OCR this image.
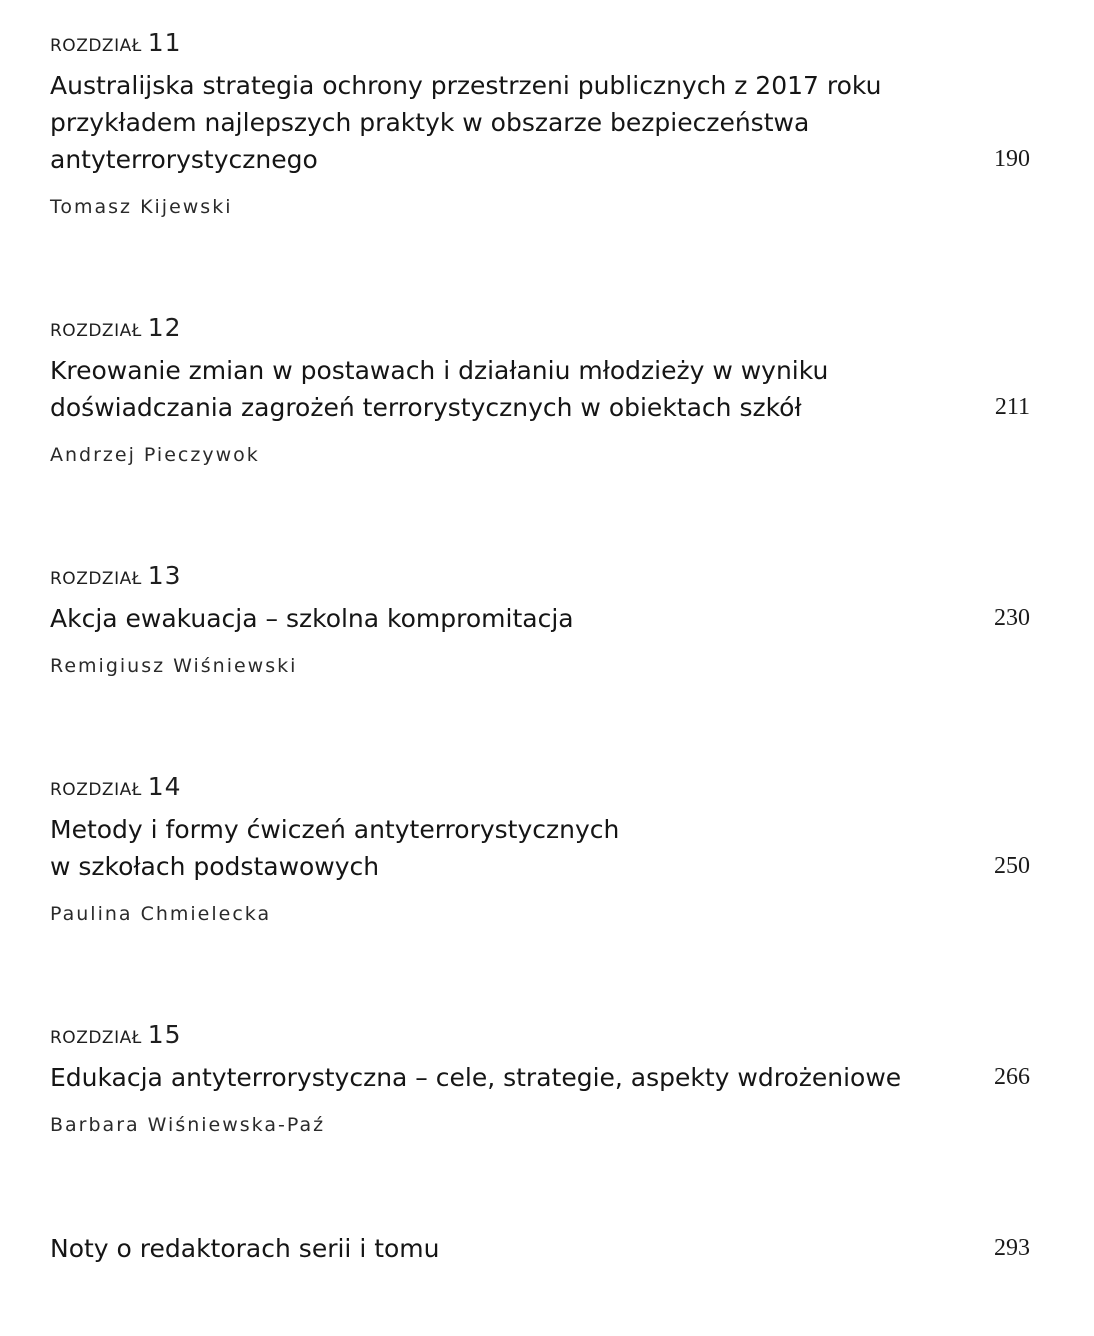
ROZDZIAŁ 11
Australijska strategia ochrony przestrzeni publicznych z 2017 roku
przykładem najlepszych praktyk w obszarze bezpieczeństwa
antyterrorystycznego	190
Tomasz Kijewski
ROZDZIAŁ 12
Kreowanie zmian w postawach i działaniu młodzieży w wyniku
doświadczania zagrożeń terrorystycznych w obiektach szkół	211
Andrzej Pieczywok
ROZDZIAŁ 13
Akcja ewakuacja – szkolna kompromitacja	230
Remigiusz Wiśniewski
ROZDZIAŁ 14
Metody i formy ćwiczeń antyterrorystycznych
w szkołach podstawowych	250
Paulina Chmielecka
ROZDZIAŁ 15
Edukacja antyterrorystyczna – cele, strategie, aspekty wdrożeniowe	266
Barbara Wiśniewska-Paź
Noty o redaktorach serii i tomu	293
